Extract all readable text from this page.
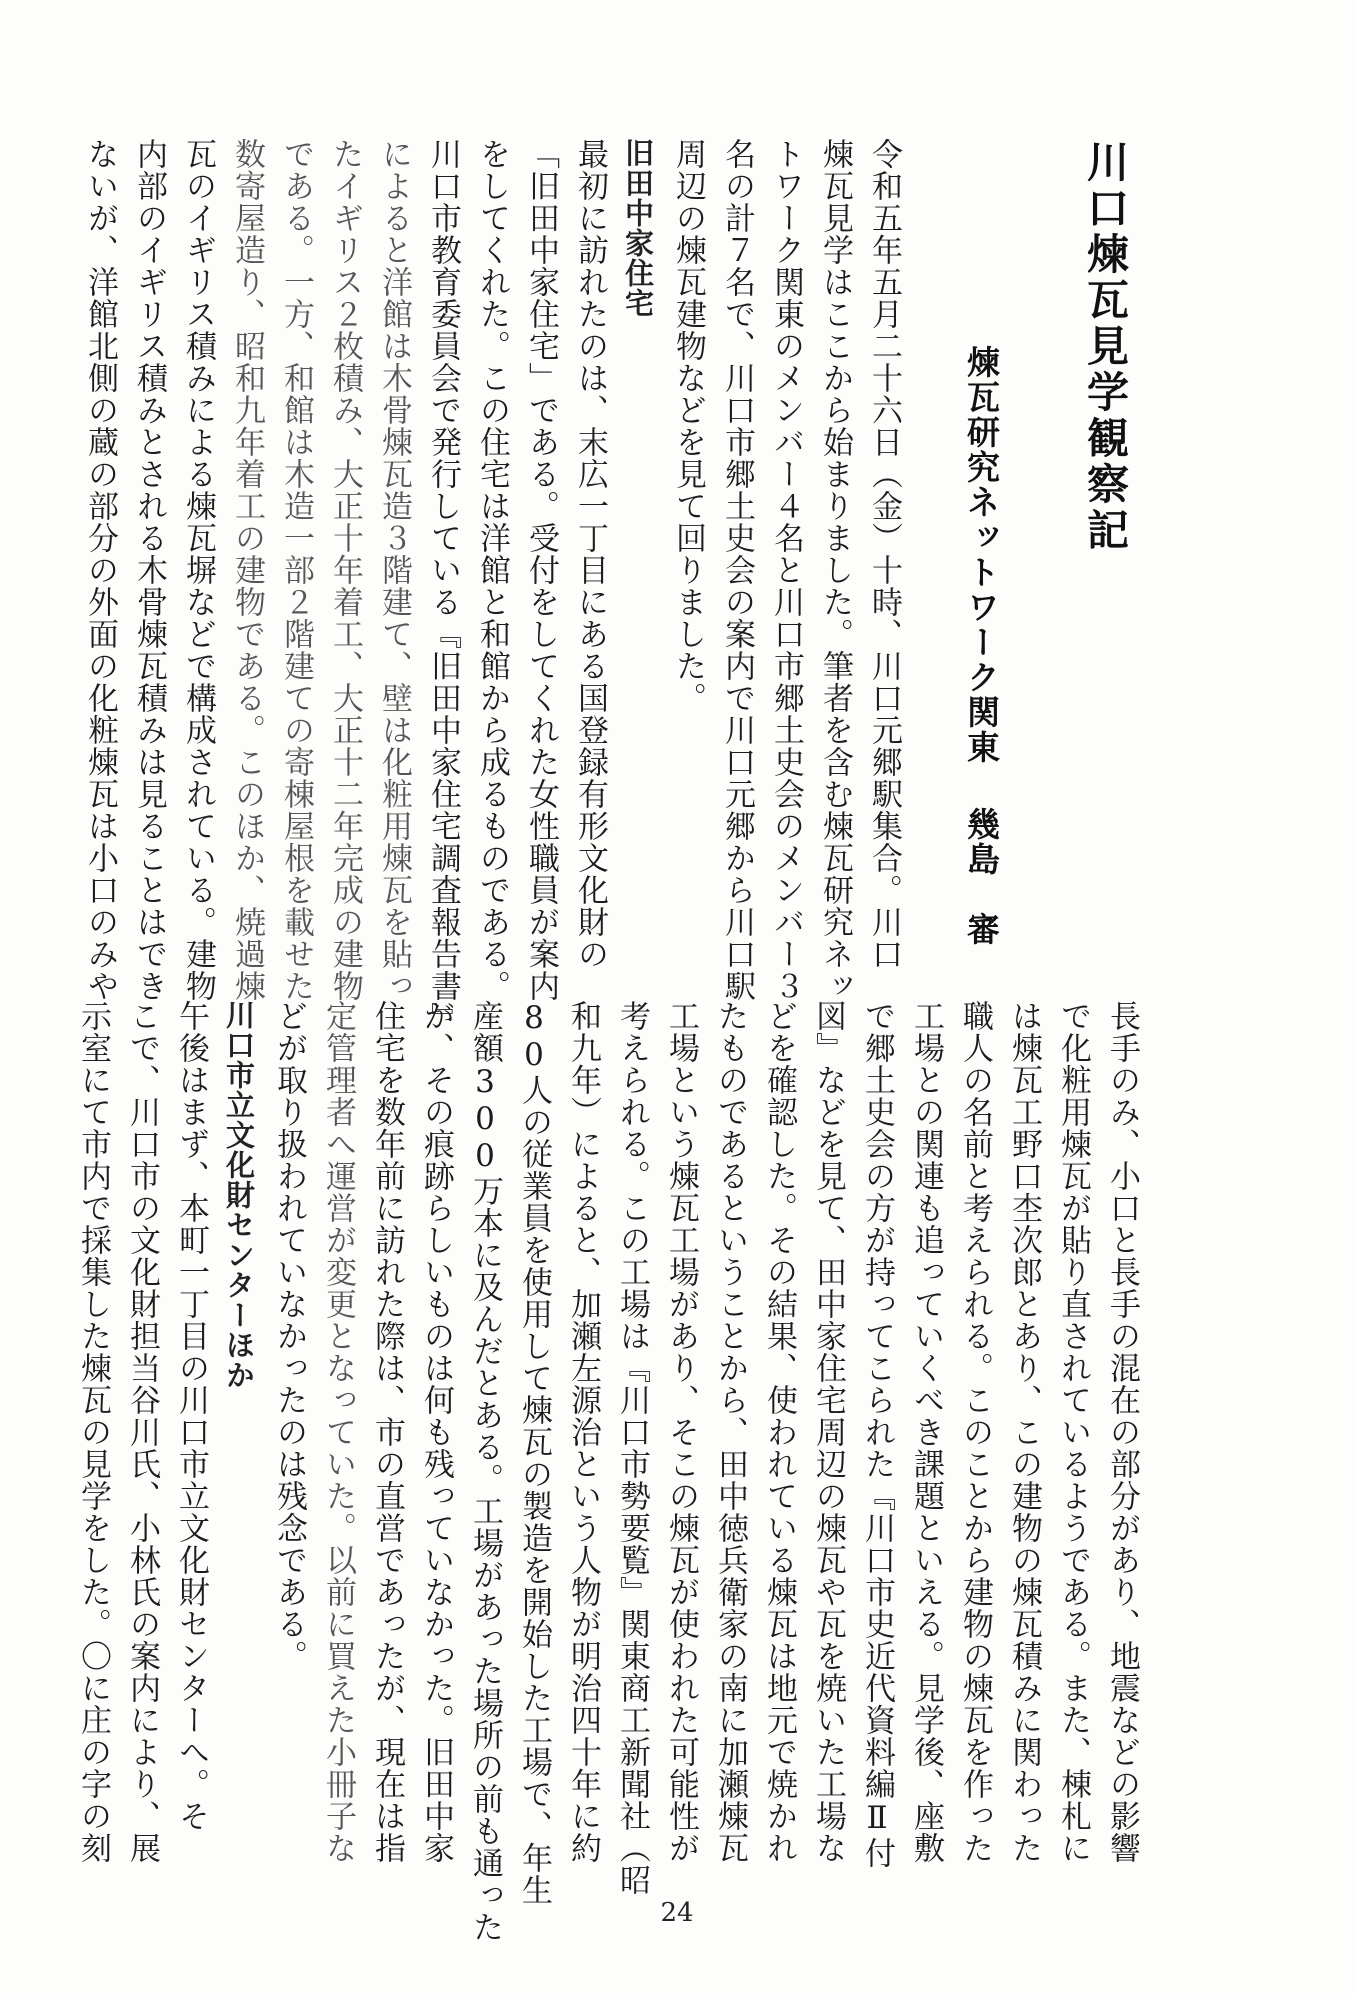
川口煉瓦見学観察記
煉瓦研究ネットワーク関東幾島　審
令和五年五月二十六日（金）十時、川口元郷駅集合。川口
煉瓦見学はここから始まりました。筆者を含む煉瓦研究ネッ
トワーク関東のメンバー４名と川口市郷土史会のメンバー３
名の計７名で、川口市郷土史会の案内で川口元郷から川口駅
周辺の煉瓦建物などを見て回りました。
旧田中家住宅
最初に訪れたのは、末広一丁目にある国登録有形文化財の
「旧田中家住宅」である。受付をしてくれた女性職員が案内
をしてくれた。この住宅は洋館と和館から成るものである。
川口市教育委員会で発行している『旧田中家住宅調査報告書』
によると洋館は木骨煉瓦造３階建て、壁は化粧用煉瓦を貼っ
たイギリス２枚積み、大正十年着工、大正十二年完成の建物
である。一方、和館は木造一部２階建ての寄棟屋根を載せた
数寄屋造り、昭和九年着工の建物である。このほか、焼過煉
瓦のイギリス積みによる煉瓦塀などで構成されている。建物
内部のイギリス積みとされる木骨煉瓦積みは見ることはでき
ないが、洋館北側の蔵の部分の外面の化粧煉瓦は小口のみや
長手のみ、小口と長手の混在の部分があり、地震などの影響
で化粧用煉瓦が貼り直されているようである。また、棟札に
は煉瓦工野口杢次郎とあり、この建物の煉瓦積みに関わった
職人の名前と考えられる。このことから建物の煉瓦を作った
工場との関連も追っていくべき課題といえる。見学後、座敷
で郷土史会の方が持ってこられた『川口市史近代資料編Ⅱ付
図』などを見て、田中家住宅周辺の煉瓦や瓦を焼いた工場な
どを確認した。その結果、使われている煉瓦は地元で焼かれ
たものであるということから、田中徳兵衛家の南に加瀬煉瓦
工場という煉瓦工場があり、そこの煉瓦が使われた可能性が
考えられる。この工場は『川口市勢要覧』関東商工新聞社（昭
和九年）によると、加瀬左源治という人物が明治四十年に約
80人の従業員を使用して煉瓦の製造を開始した工場で、年生
産額300万本に及んだとある。工場があった場所の前も通った
が、その痕跡らしいものは何も残っていなかった。旧田中家
住宅を数年前に訪れた際は、市の直営であったが、現在は指
定管理者へ運営が変更となっていた。以前に買えた小冊子な
どが取り扱われていなかったのは残念である。
川口市立文化財センターほか
午後はまず、本町一丁目の川口市立文化財センターへ。そ
こで、川口市の文化財担当谷川氏、小林氏の案内により、展
示室にて市内で採集した煉瓦の見学をした。〇に庄の字の刻
24
